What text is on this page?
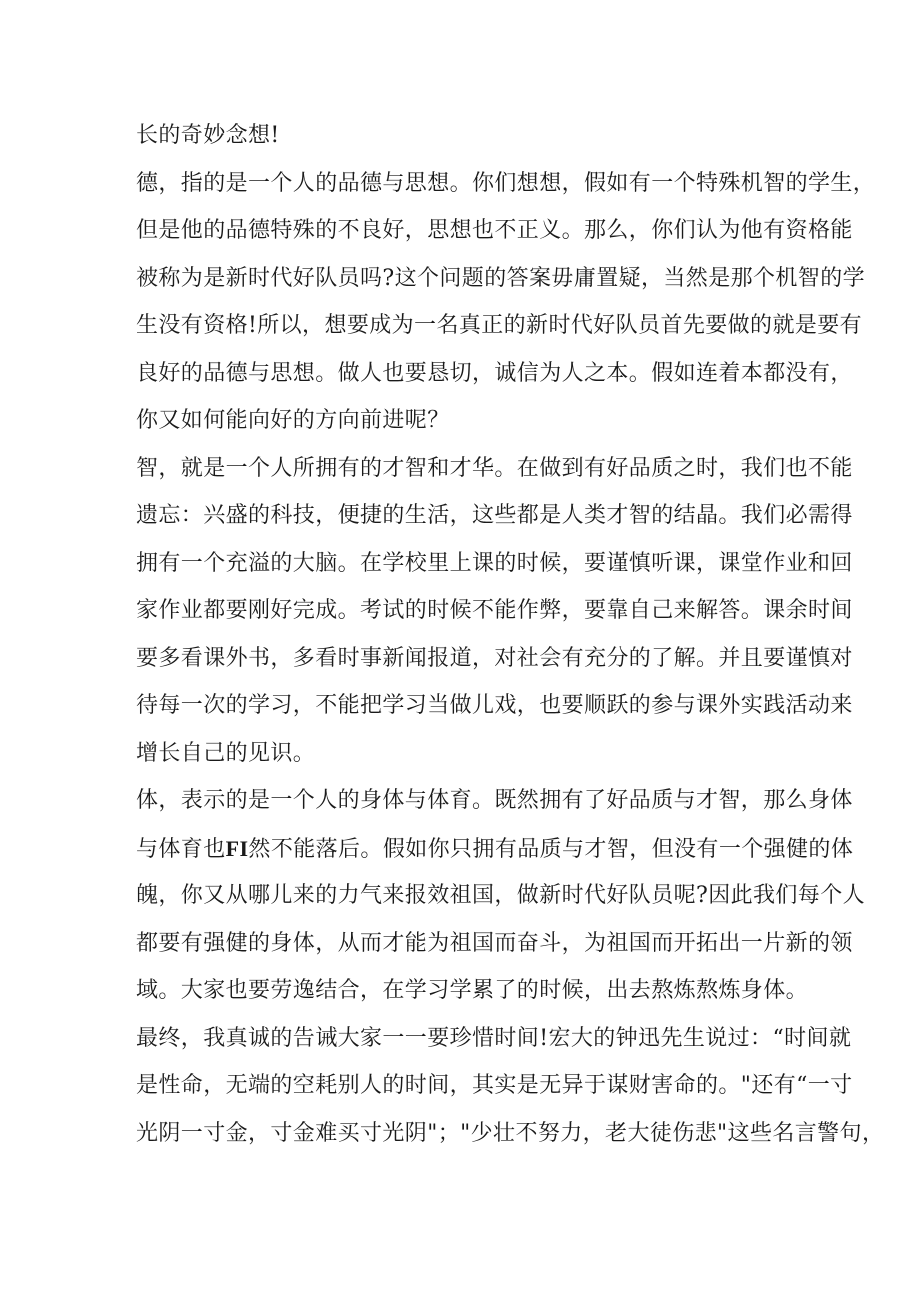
长的奇妙念想!
德，指的是一个人的品德与思想。你们想想，假如有一个特殊机智的学生，
但是他的品德特殊的不良好，思想也不正义。那么，你们认为他有资格能
被称为是新时代好队员吗?这个问题的答案毋庸置疑，当然是那个机智的学
生没有资格!所以，想要成为一名真正的新时代好队员首先要做的就是要有
良好的品德与思想。做人也要恳切，诚信为人之本。假如连着本都没有，
你又如何能向好的方向前进呢？
智，就是一个人所拥有的才智和才华。在做到有好品质之时，我们也不能
遗忘：兴盛的科技，便捷的生活，这些都是人类才智的结晶。我们必需得
拥有一个充溢的大脑。在学校里上课的时候，要谨慎听课，课堂作业和回
家作业都要刚好完成。考试的时候不能作弊，要靠自己来解答。课余时间
要多看课外书，多看时事新闻报道，对社会有充分的了解。并且要谨慎对
待每一次的学习，不能把学习当做儿戏，也要顺跃的参与课外实践活动来
增长自己的见识。
体，表示的是一个人的身体与体育。既然拥有了好品质与才智，那么身体
与体育也FI然不能落后。假如你只拥有品质与才智，但没有一个强健的体
魄，你又从哪儿来的力气来报效祖国，做新时代好队员呢?因此我们每个人
都要有强健的身体，从而才能为祖国而奋斗，为祖国而开拓出一片新的领
域。大家也要劳逸结合，在学习学累了的时候，出去熬炼熬炼身体。
最终，我真诚的告诫大家一一要珍惜时间!宏大的钟迅先生说过：“时间就
是性命，无端的空耗别人的时间，其实是无异于谋财害命的。"还有“一寸
光阴一寸金，寸金难买寸光阴"；"少壮不努力，老大徒伤悲"这些名言警句，
